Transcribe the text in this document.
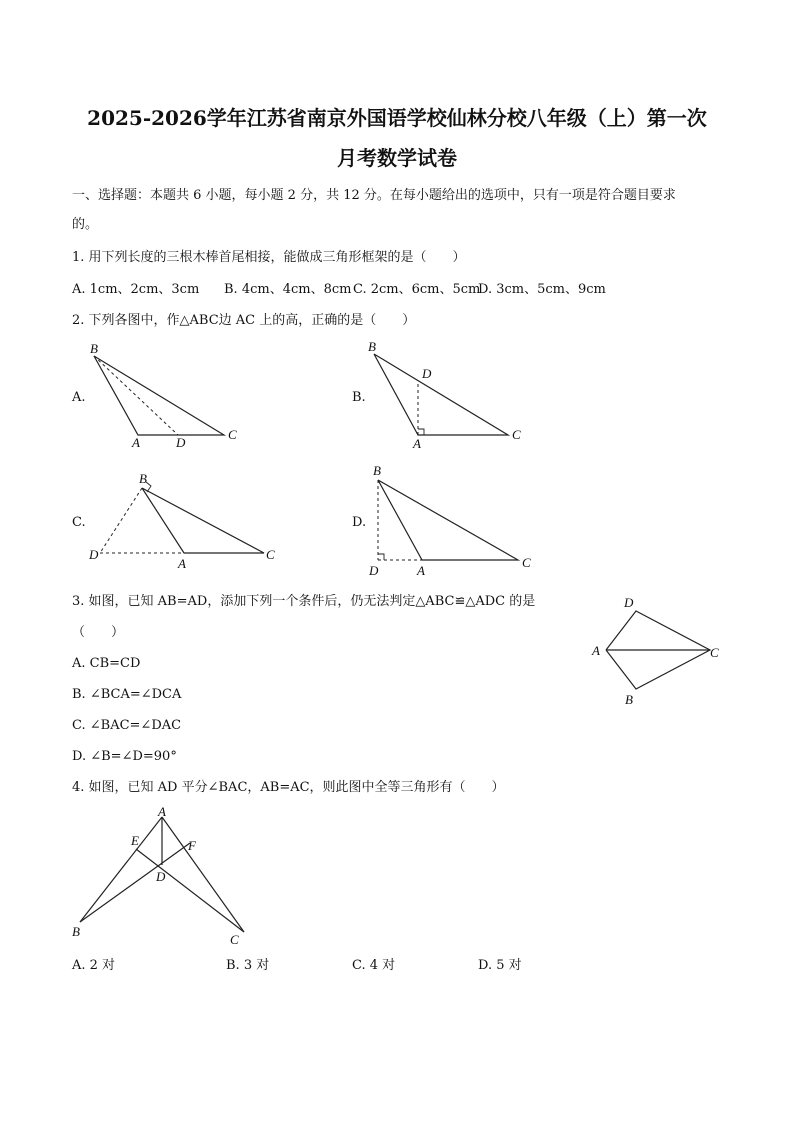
2025-2026学年江苏省南京外国语学校仙林分校八年级（上）第一次
月考数学试卷
一、选择题：本题共 6 小题，每小题 2 分，共 12 分。在每小题给出的选项中，只有一项是符合题目要求
的。
1. 用下列长度的三根木棒首尾相接，能做成三角形框架的是（　　）
A. 1cm、2cm、3cm B. 4cm、4cm、8cm C. 2cm、6cm、5cm
D. 3cm、5cm、9cm
2. 下列各图中，作△ABC边 AC 上的高，正确的是（　　）
A.
B
A	D
C
B.
B
A
D
C
C.
B
A
D	C
D.
B
A
D
C
3. 如图，已知 AB=AD，添加下列一个条件后，仍无法判定△ABC≌△ADC 的是
（　　）
A. CB=CD
B. ∠BCA=∠DCA
C. ∠BAC=∠DAC
D. ∠B=∠D=90°
D
A	C
B
4. 如图，已知 AD 平分∠BAC，AB=AC，则此图中全等三角形有（　　）
A
E	F
D
B
C
A. 2 对	B. 3 对	C. 4 对	D. 5 对
